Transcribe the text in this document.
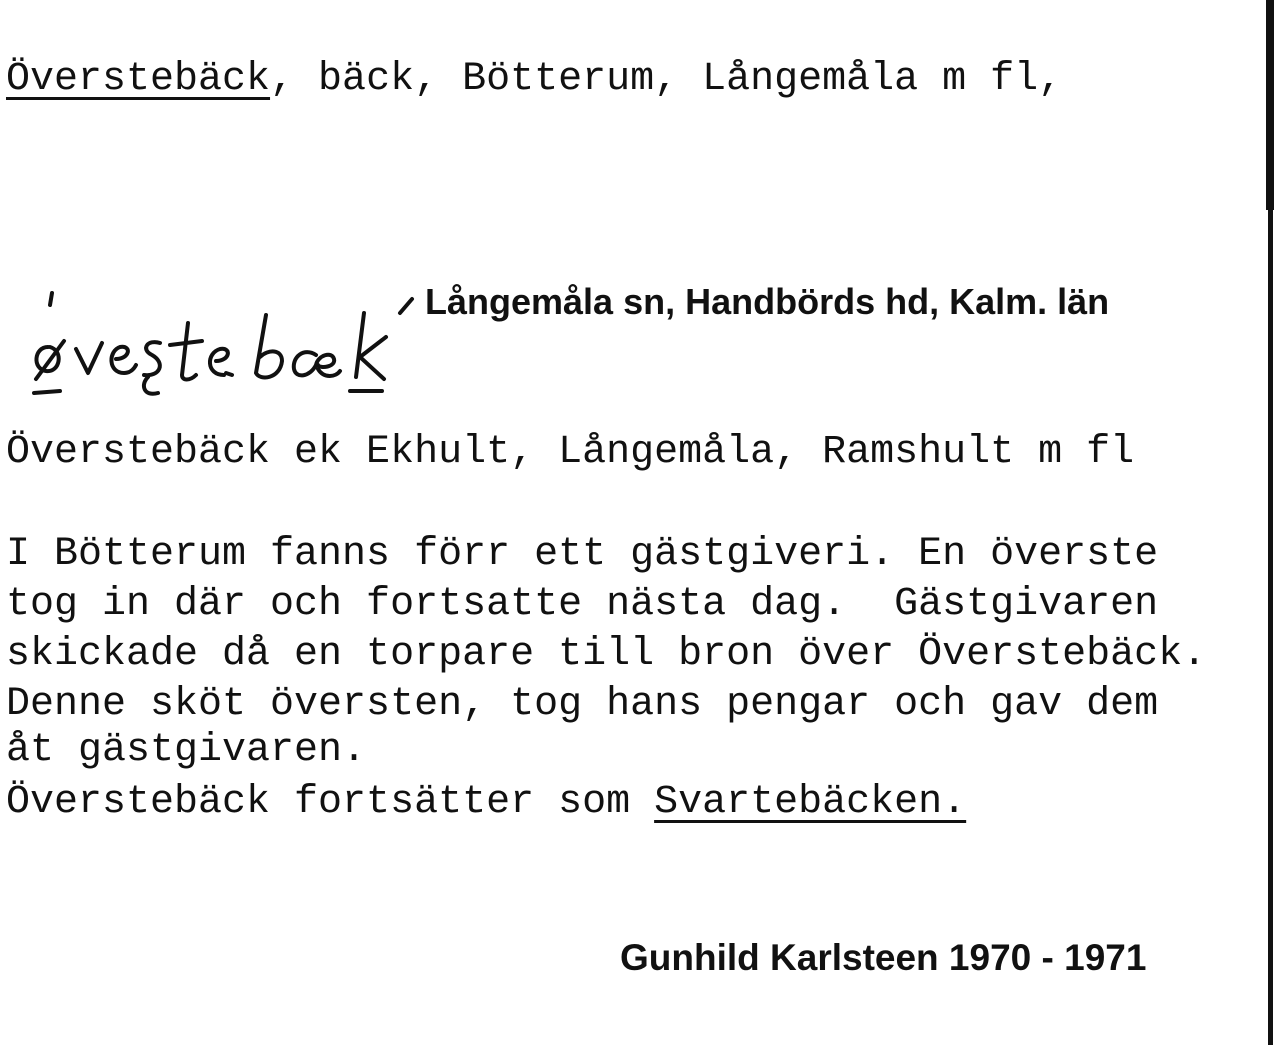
Överstebäck, bäck, Bötterum, Långemåla m fl,
Långemåla sn, Handbörds hd, Kalm. län
Överstebäck ek Ekhult, Långemåla, Ramshult m fl
I Bötterum fanns förr ett gästgiveri. En överste
tog in där och fortsatte nästa dag.  Gästgivaren
skickade då en torpare till bron över Överstebäck.
Denne sköt översten, tog hans pengar och gav dem
åt gästgivaren.
Överstebäck fortsätter som Svartebäcken.
Gunhild Karlsteen 1970 - 1971
